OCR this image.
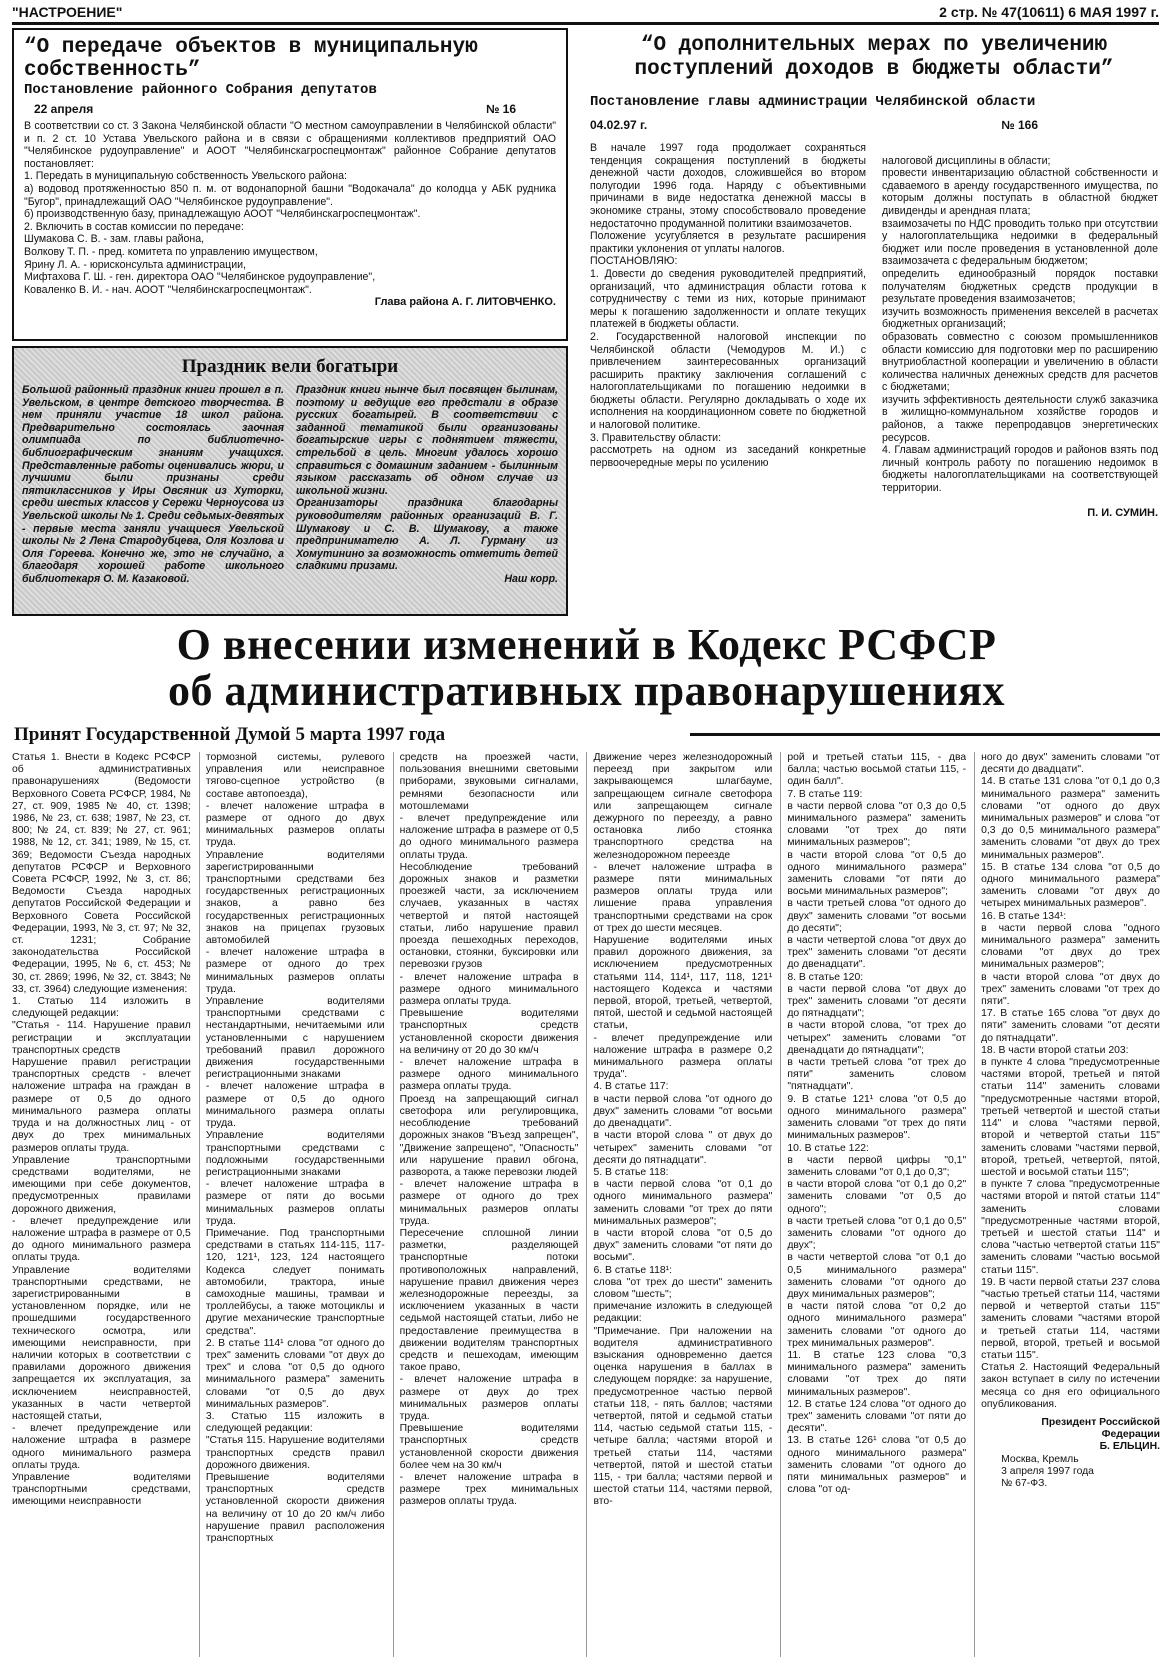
"НАСТРОЕНИЕ"	2 стр. № 47(10611) 6 МАЯ 1997 г.
“О передаче объектов в муниципальную собственность”
Постановление районного Собрания депутатов
22 апреля	№ 16
В соответствии со ст. 3 Закона Челябинской области "О местном самоуправлении в Челябинской области" и п. 2 ст. 10 Устава Увельского района и в связи с обращениями коллективов предприятий ОАО "Челябинское рудоуправление" и АООТ "Челябинскагроспецмонтаж" районное Собрание депутатов постановляет:
1. Передать в муниципальную собственность Увельского района:
а) водовод протяженностью 850 п. м. от водонапорной башни "Водокачала" до колодца у АБК рудника "Бугор", принадлежащий ОАО "Челябинское рудоуправление".
б) производственную базу, принадлежащую АООТ "Челябинскагроспецмонтаж".
2. Включить в состав комиссии по передаче:
Шумакова С. В. - зам. главы района,
Волкову Т. П. - пред. комитета по управлению имуществом,
Ярину Л. А. - юрисконсульта администрации,
Мифтахова Г. Ш. - ген. директора ОАО "Челябинское рудоуправление",
Коваленко В. И. - нач. АООТ "Челябинскагроспецмонтаж".
Глава района А. Г. ЛИТОВЧЕНКО.
Праздник вели богатыри
Большой районный праздник книги прошел в п. Увельском, в центре детского творчества. В нем приняли участие 18 школ района. Предварительно состоялась заочная олимпиада по библиотечно-библиографическим знаниям учащихся. Представленные работы оценивались жюри, и лучшими были признаны среди пятиклассников у Иры Овсяник из Хуторки, среди шестых классов у Сережи Черноусова из Увельской школы № 1. Среди седьмых-девятых - первые места заняли учащиеся Увельской школы № 2 Лена Стародубцева, Оля Козлова и Оля Гореева. Конечно же, это не случайно, а благодаря хорошей работе школьного библиотекаря О. М. Казаковой.
Праздник книги нынче был посвящен былинам, поэтому и ведущие его предстали в образе русских богатырей. В соответствии с заданной тематикой были организованы богатырские игры с поднятием тяжести, стрельбой в цель. Многим удалось хорошо справиться с домашним заданием - былинным языком рассказать об одном случае из школьной жизни.
Организаторы праздника благодарны руководителям районных организаций В. Г. Шумакову и С. В. Шумакову, а также предпринимателю А. Л. Гурману из Хомутинино за возможность отметить детей сладкими призами.
Наш корр.
“О дополнительных мерах по увеличению поступлений доходов в бюджеты области”
Постановление главы администрации Челябинской области
04.02.97 г.	№ 166
В начале 1997 года продолжает сохраняться тенденция сокращения поступлений в бюджеты денежной части доходов, сложившейся во втором полугодии 1996 года. Наряду с объективными причинами в виде недостатка денежной массы в экономике страны, этому способствовало проведение недостаточно продуманной политики взаимозачетов.
Положение усугубляется в результате расширения практики уклонения от уплаты налогов.
ПОСТАНОВЛЯЮ:
1. Довести до сведения руководителей предприятий, организаций, что администрация области готова к сотрудничеству с теми из них, которые принимают меры к погашению задолженности и оплате текущих платежей в бюджеты области.
2. Государственной налоговой инспекции по Челябинской области (Чемодуров М. И.) с привлечением заинтересованных организаций расширить практику заключения соглашений с налогоплательщиками по погашению недоимки в бюджеты области. Регулярно докладывать о ходе их исполнения на координационном совете по бюджетной и налоговой политике.
3. Правительству области:
рассмотреть на одном из заседаний конкретные первоочередные меры по усилению

налоговой дисциплины в области;
провести инвентаризацию областной собственности и сдаваемого в аренду государственного имущества, по которым должны поступать в областной бюджет дивиденды и арендная плата;
взаимозачеты по НДС проводить только при отсутствии у налогоплательщика недоимки в федеральный бюджет или после проведения в установленной доле взаимозачета с федеральным бюджетом;
определить единообразный порядок поставки получателям бюджетных средств продукции в результате проведения взаимозачетов;
изучить возможность применения векселей в расчетах бюджетных организаций;
образовать совместно с союзом промышленников области комиссию для подготовки мер по расширению внутриобластной кооперации и увеличению в области количества наличных денежных средств для расчетов с бюджетами;
изучить эффективность деятельности служб заказчика в жилищно-коммунальном хозяйстве городов и районов, а также перепродавцов энергетических ресурсов.
4. Главам администраций городов и районов взять под личный контроль работу по погашению недоимок в бюджеты налогоплательщиками на соответствующей территории.

П. И. СУМИН.

О внесении изменений в Кодекс РСФСР
об административных правонарушениях
Принят Государственной Думой 5 марта 1997 года
Статья 1. Внести в Кодекс РСФСР об административных правонарушениях (Ведомости Верховного Совета РСФСР, 1984, № 27, ст. 909, 1985 № 40, ст. 1398; 1986, № 23, ст. 638; 1987, № 23, ст. 800; № 24, ст. 839; № 27, ст. 961; 1988, № 12, ст. 341; 1989, № 15, ст. 369; Ведомости Съезда народных депутатов РСФСР и Верховного Совета РСФСР, 1992, № 3, ст. 86; Ведомости Съезда народных депутатов Российской Федерации и Верховного Совета Российской Федерации, 1993, № 3, ст. 97; № 32, ст. 1231; Собрание законодательства Российской Федерации, 1995, № 6, ст. 453; № 30, ст. 2869; 1996, № 32, ст. 3843; № 33, ст. 3964) следующие изменения:
1. Статью 114 изложить в следующей редакции:
"Статья - 114. Нарушение правил регистрации и эксплуатации транспортных средств
Нарушение правил регистрации транспортных средств - влечет наложение штрафа на граждан в размере от 0,5 до одного минимального размера оплаты труда и на должностных лиц - от двух до трех минимальных размеров оплаты труда.
Управление транспортными средствами водителями, не имеющими при себе документов, предусмотренных правилами дорожного движения,
- влечет предупреждение или наложение штрафа в размере от 0,5 до одного минимального размера оплаты труда.
Управление водителями транспортными средствами, не зарегистрированными в установленном порядке, или не прошедшими государственного технического осмотра, или имеющими неисправности, при наличии которых в соответствии с правилами дорожного движения запрещается их эксплуатация, за исключением неисправностей, указанных в части четвертой настоящей статьи,
- влечет предупреждение или наложение штрафа в размере одного минимального размера оплаты труда.
Управление водителями транспортными средствами, имеющими неисправности
тормозной системы, рулевого управления или неисправное тягово-сцепное устройство (в составе автопоезда),
- влечет наложение штрафа в размере от одного до двух минимальных размеров оплаты труда.
Управление водителями зарегистрированными транспортными средствами без государственных регистрационных знаков, а равно без государственных регистрационных знаков на прицепах грузовых автомобилей
- влечет наложение штрафа в размере от одного до трех минимальных размеров оплаты труда.
Управление водителями транспортными средствами с нестандартными, нечитаемыми или установленными с нарушением требований правил дорожного движения государственными регистрационными знаками
- влечет наложение штрафа в размере от 0,5 до одного минимального размера оплаты труда.
Управление водителями транспортными средствами с подложными государственными регистрационными знаками
- влечет наложение штрафа в размере от пяти до восьми минимальных размеров оплаты труда.
Примечание. Под транспортными средствами в статьях 114-115, 117-120, 121¹, 123, 124 настоящего Кодекса следует понимать автомобили, трактора, иные самоходные машины, трамваи и троллейбусы, а также мотоциклы и другие механические транспортные средства".
2. В статье 114¹ слова "от одного до трех" заменить словами "от двух до трех" и слова "от 0,5 до одного минимального размера" заменить словами "от 0,5 до двух минимальных размеров".
3. Статью 115 изложить в следующей редакции:
"Статья 115. Нарушение водителями транспортных средств правил дорожного движения.
Превышение водителями транспортных средств установленной скорости движения на величину от 10 до 20 км/ч либо нарушение правил расположения транспортных
средств на проезжей части, пользования внешними световыми приборами, звуковыми сигналами, ремнями безопасности или мотошлемами
- влечет предупреждение или наложение штрафа в размере от 0,5 до одного минимального размера оплаты труда.
Несоблюдение требований дорожных знаков и разметки проезжей части, за исключением случаев, указанных в частях четвертой и пятой настоящей статьи, либо нарушение правил проезда пешеходных переходов, остановки, стоянки, буксировки или перевозки грузов
- влечет наложение штрафа в размере одного минимального размера оплаты труда.
Превышение водителями транспортных средств установленной скорости движения на величину от 20 до 30 км/ч
- влечет наложение штрафа в размере одного минимального размера оплаты труда.
Проезд на запрещающий сигнал светофора или регулировщика, несоблюдение требований дорожных знаков "Въезд запрещен", "Движение запрещено", "Опасность" или нарушение правил обгона, разворота, а также перевозки людей
- влечет наложение штрафа в размере от одного до трех минимальных размеров оплаты труда.
Пересечение сплошной линии разметки, разделяющей транспортные потоки противоположных направлений, нарушение правил движения через железнодорожные переезды, за исключением указанных в части седьмой настоящей статьи, либо не предоставление преимущества в движении водителям транспортных средств и пешеходам, имеющим такое право,
- влечет наложение штрафа в размере от двух до трех минимальных размеров оплаты труда.
Превышение водителями транспортных средств установленной скорости движения более чем на 30 км/ч
- влечет наложение штрафа в размере трех минимальных размеров оплаты труда.
Движение через железнодорожный переезд при закрытом или закрывающемся шлагбауме, запрещающем сигнале светофора или запрещающем сигнале дежурного по переезду, а равно остановка либо стоянка транспортного средства на железнодорожном переезде
- влечет наложение штрафа в размере пяти минимальных размеров оплаты труда или лишение права управления транспортными средствами на срок от трех до шести месяцев.
Нарушение водителями иных правил дорожного движения, за исключением предусмотренных статьями 114, 114¹, 117, 118, 121¹ настоящего Кодекса и частями первой, второй, третьей, четвертой, пятой, шестой и седьмой настоящей статьи,
- влечет предупреждение или наложение штрафа в размере 0,2 минимального размера оплаты труда".
4. В статье 117:
в части первой слова "от одного до двух" заменить словами "от восьми до двенадцати".
в части второй слова " от двух до четырех" заменить словами "от десяти до пятнадцати".
5. В статье 118:
в части первой слова "от 0,1 до одного минимального размера" заменить словами "от трех до пяти минимальных размеров";
в части второй слова "от 0,5 до двух" заменить словами "от пяти до восьми".
6. В статье 118¹:
слова "от трех до шести" заменить словом "шесть";
примечание изложить в следующей редакции:
"Примечание. При наложении на водителя административного взыскания одновременно дается оценка нарушения в баллах в следующем порядке: за нарушение, предусмотренное частью первой статьи 118, - пять баллов; частями четвертой, пятой и седьмой статьи 114, частью седьмой статьи 115, - четыре балла; частями второй и третьей статьи 114, частями четвертой, пятой и шестой статьи 115, - три балла; частями первой и шестой статьи 114, частями первой, вто-
рой и третьей статьи 115, - два балла; частью восьмой статьи 115, - один балл".
7. В статье 119:
в части первой слова "от 0,3 до 0,5 минимального размера" заменить словами "от трех до пяти минимальных размеров";
в части второй слова "от 0,5 до одного минимального размера" заменить словами "от пяти до восьми минимальных размеров";
в части третьей слова "от одного до двух" заменить словами "от восьми до десяти";
в части четвертой слова "от двух до трех" заменить словами "от десяти до двенадцати".
8. В статье 120:
в части первой слова "от двух до трех" заменить словами "от десяти до пятнадцати";
в части второй слова, "от трех до четырех" заменить словами "от двенадцати до пятнадцати";
в части третьей слова "от трех до пяти" заменить словом "пятнадцати".
9. В статье 121¹ слова "от 0,5 до одного минимального размера" заменить словами "от трех до пяти минимальных размеров".
10. В статье 122:
в части первой цифры "0,1" заменить словами "от 0,1 до 0,3";
в части второй слова "от 0,1 до 0,2" заменить словами "от 0,5 до одного";
в части третьей слова "от 0,1 до 0,5" заменить словами "от одного до двух";
в части четвертой слова "от 0,1 до 0,5 минимального размера" заменить словами "от одного до двух минимальных размеров";
в части пятой слова "от 0,2 до одного минимального размера" заменить словами "от одного до трех минимальных размеров".
11. В статье 123 слова "0,3 минимального размера" заменить словами "от трех до пяти минимальных размеров".
12. В статье 124 слова "от одного до трех" заменить словами "от пяти до десяти".
13. В статье 126¹ слова "от 0,5 до одного минимального размера" заменить словами "от одного до пяти минимальных размеров" и слова "от од-
ного до двух" заменить словами "от десяти до двадцати".
14. В статье 131 слова "от 0,1 до 0,3 минимального размера" заменить словами "от одного до двух минимальных размеров" и слова "от 0,3 до 0,5 минимального размера" заменить словами "от двух до трех минимальных размеров".
15. В статье 134 слова "от 0,5 до одного минимального размера" заменить словами "от двух до четырех минимальных размеров".
16. В статье 134¹:
в части первой слова "одного минимального размера" заменить словами "от двух до трех минимальных размеров";
в части второй слова "от двух до трех" заменить словами "от трех до пяти".
17. В статье 165 слова "от двух до пяти" заменить словами "от десяти до пятнадцати".
18. В части второй статьи 203:
в пункте 4 слова "предусмотренные частями второй, третьей и пятой статьи 114" заменить словами "предусмотренные частями второй, третьей четвертой и шестой статьи 114" и слова "частями первой, второй и четвертой статьи 115" заменить словами "частями первой, второй, третьей, четвертой, пятой, шестой и восьмой статьи 115";
в пункте 7 слова "предусмотренные частями второй и пятой статьи 114" заменить словами "предусмотренные частями второй, третьей и шестой статьи 114" и слова "частью четвертой статьи 115" заменить словами "частью восьмой статьи 115".
19. В части первой статьи 237 слова "частью третьей статьи 114, частями первой и четвертой статьи 115" заменить словами "частями второй и третьей статьи 114, частями первой, второй, третьей и восьмой статьи 115".
Статья 2. Настоящий Федеральный закон вступает в силу по истечении месяца со дня его официального опубликования.
Президент Российской Федерации
Б. ЕЛЬЦИН.
Москва, Кремль
3 апреля 1997 года
№ 67-ФЗ.
